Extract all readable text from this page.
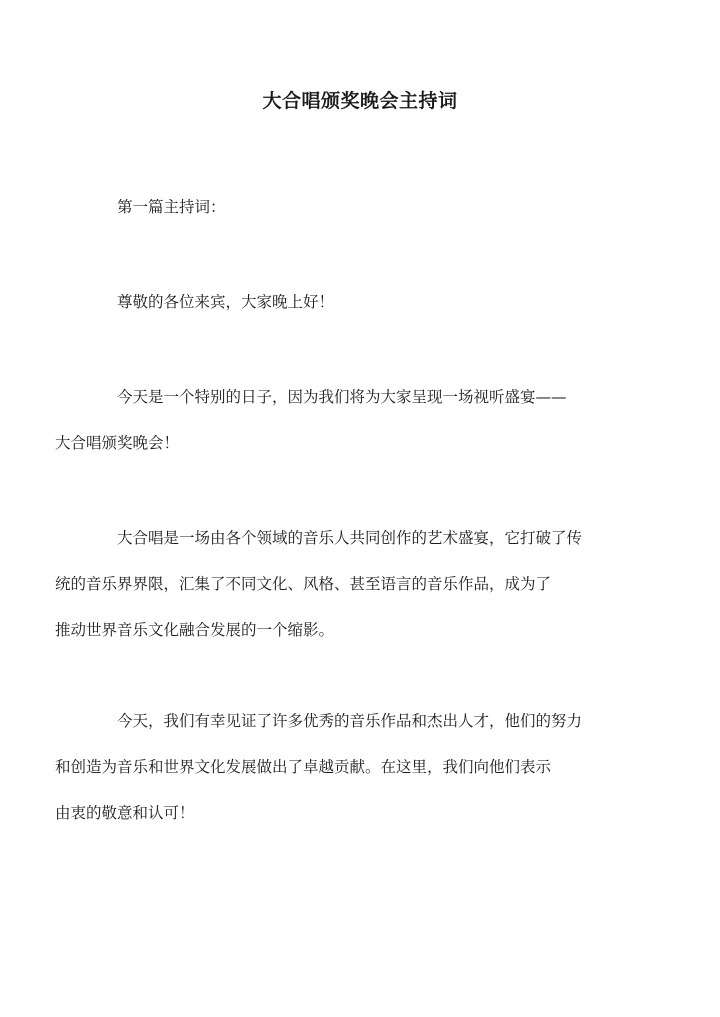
大合唱颁奖晚会主持词

第一篇主持词：

尊敬的各位来宾，大家晚上好！

今天是一个特别的日子，因为我们将为大家呈现一场视听盛宴——
大合唱颁奖晚会！

大合唱是一场由各个领域的音乐人共同创作的艺术盛宴，它打破了传
统的音乐界界限，汇集了不同文化、风格、甚至语言的音乐作品，成为了
推动世界音乐文化融合发展的一个缩影。

今天，我们有幸见证了许多优秀的音乐作品和杰出人才，他们的努力
和创造为音乐和世界文化发展做出了卓越贡献。在这里，我们向他们表示
由衷的敬意和认可！
